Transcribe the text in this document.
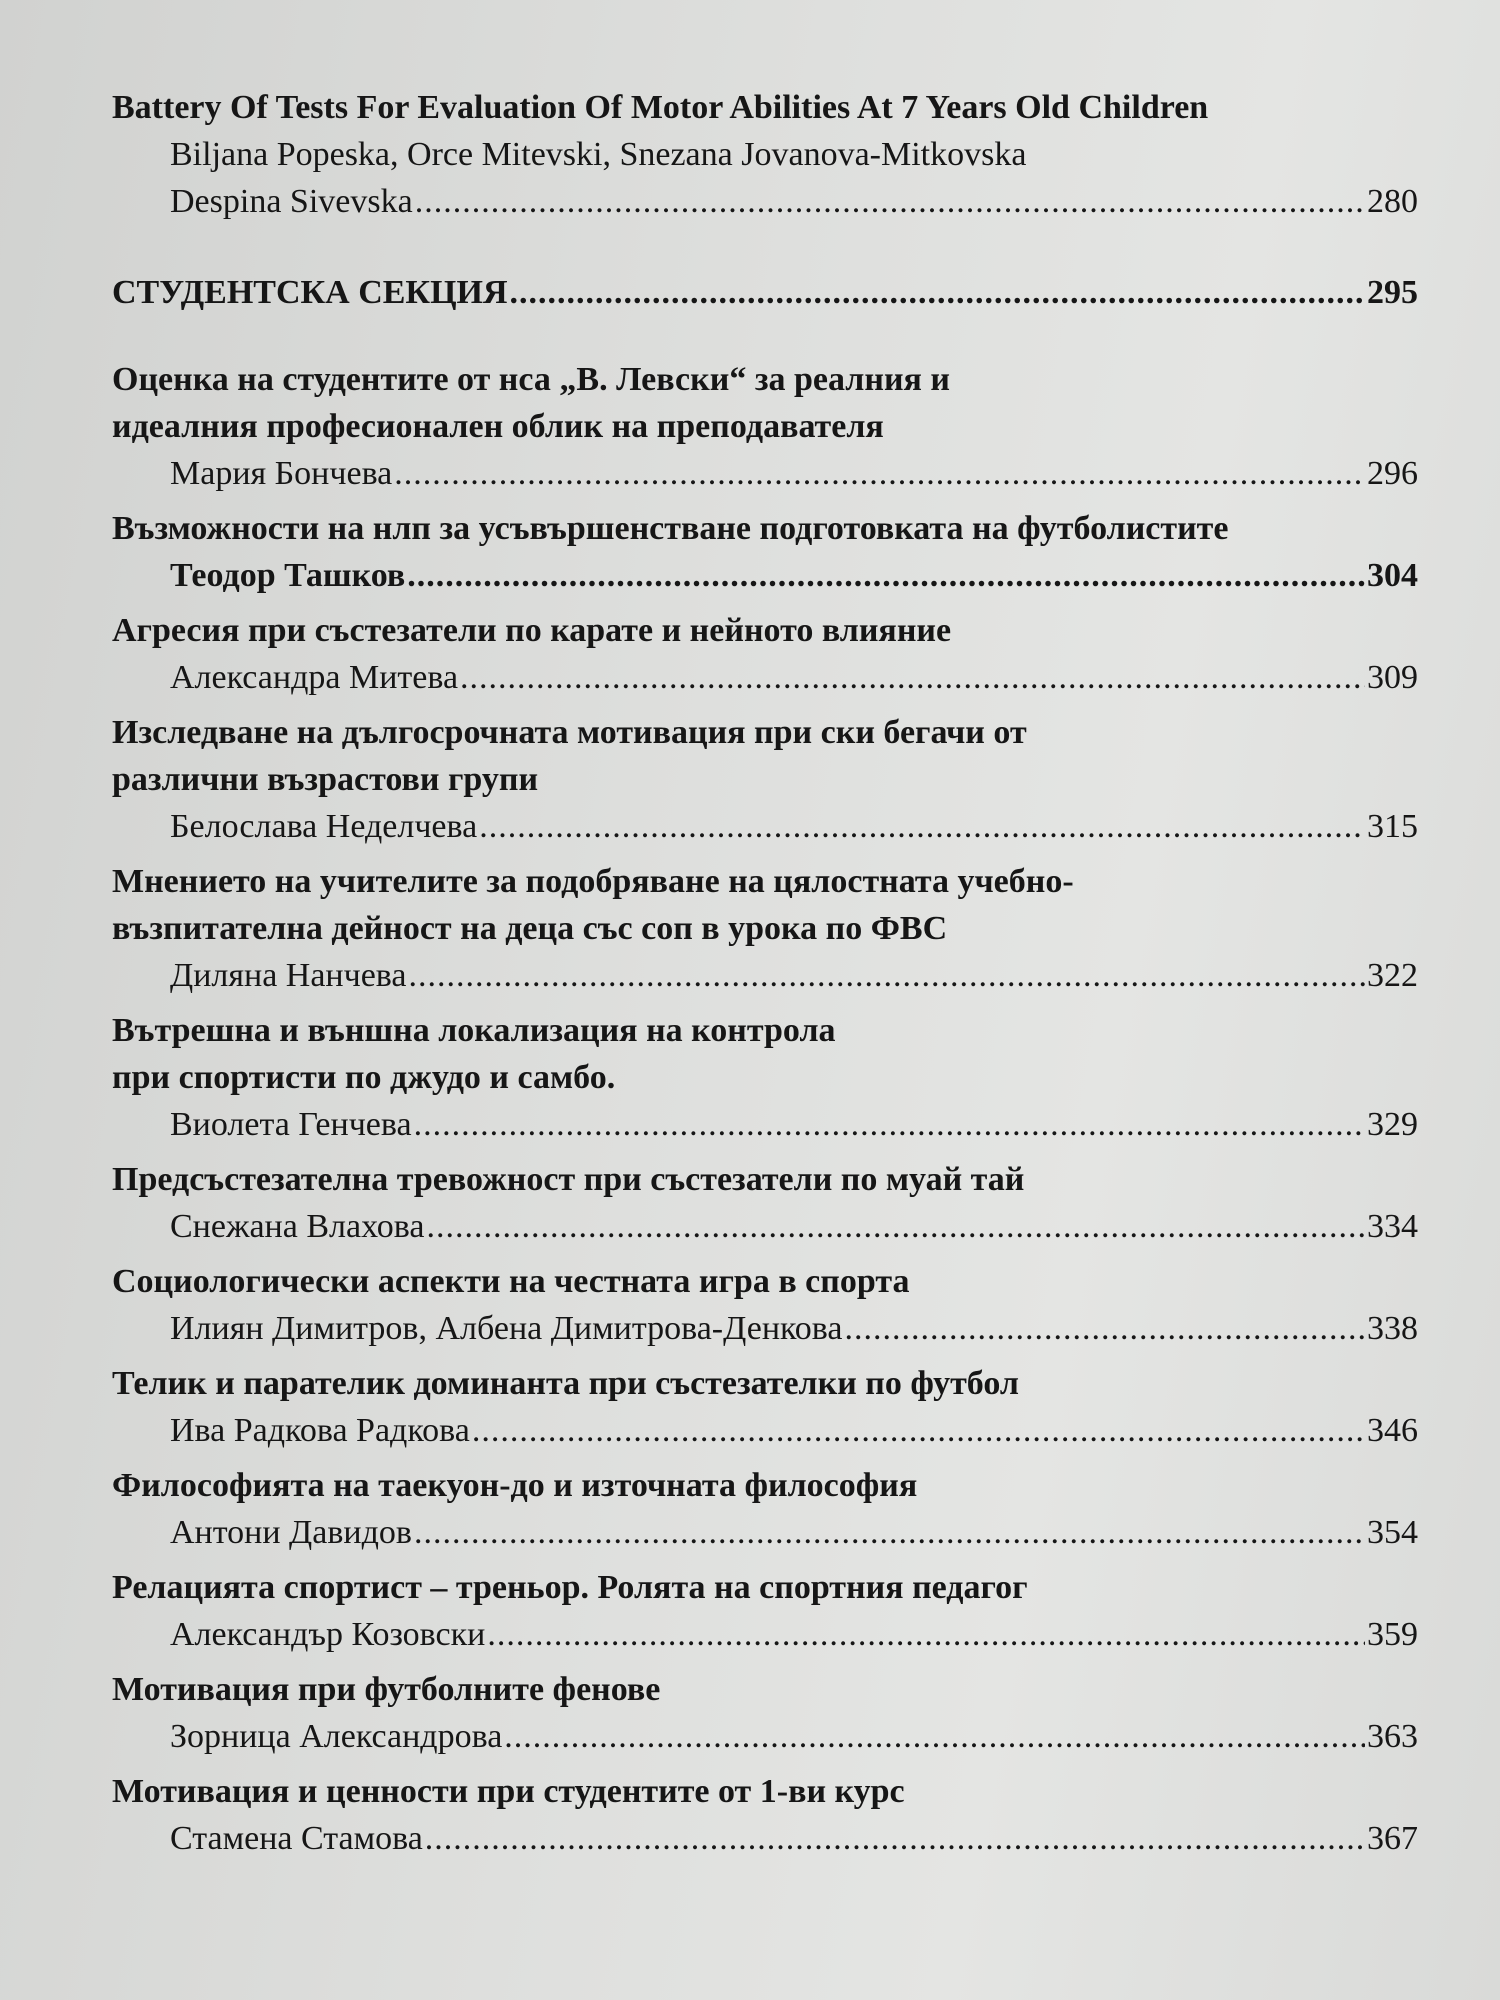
Battery Of Tests For Evaluation Of Motor Abilities At 7 Years Old Children
Biljana Popeska, Orce Mitevski, Snezana Jovanova-Mitkovska
Despina Sivevska .....	280
СТУДЕНТСКА СЕКЦИЯ .....	295
Оценка на студентите от нса „В. Левски“ за реалния и
идеалния професионален облик на преподавателя
Мария Бончева .....	296
Възможности на нлп за усъвършенстване подготовката на футболистите
Теодор Ташков .....	304
Агресия при състезатели по карате и нейното влияние
Александра Митева .....	309
Изследване на дългосрочната мотивация при ски бегачи от
различни възрастови групи
Белослава Неделчева .....	315
Мнението на учителите за подобряване на цялостната учебно-
възпитателна дейност на деца със соп в урока по ФВС
Диляна Нанчева .....	322
Вътрешна и външна локализация на контрола
при спортисти по джудо и самбо.
Виолета Генчева .....	329
Предсъстезателна тревожност при състезатели по муай тай
Снежана Влахова .....	334
Социологически аспекти на честната игра в спорта
Илиян Димитров, Албена Димитрова-Денкова .....	338
Телик и парателик доминанта при състезателки по футбол
Ива Радкова Радкова .....	346
Философията на таекуон-до и източната философия
Антони Давидов .....	354
Релацията спортист – треньор. Ролята на спортния педагог
Александър Козовски .....	359
Мотивация при футболните фенове
Зорница Александрова .....	363
Мотивация и ценности при студентите от 1-ви курс
Стамена Стамова .....	367
